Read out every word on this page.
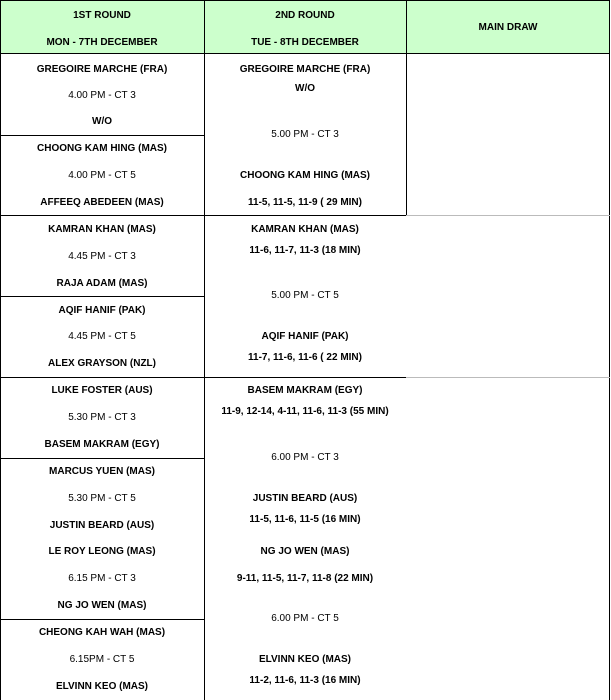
1ST ROUND
MON - 7TH DECEMBER
2ND ROUND
TUE - 8TH DECEMBER
MAIN DRAW
GREGOIRE MARCHE (FRA)
4.00 PM - CT 3
W/O
CHOONG KAM HING (MAS)
4.00 PM - CT 5
AFFEEQ ABEDEEN (MAS)
KAMRAN KHAN (MAS)
4.45 PM - CT 3
RAJA ADAM (MAS)
AQIF HANIF (PAK)
4.45 PM - CT 5
ALEX GRAYSON (NZL)
LUKE FOSTER (AUS)
5.30 PM - CT 3
BASEM MAKRAM (EGY)
MARCUS YUEN (MAS)
5.30 PM - CT 5
JUSTIN BEARD (AUS)
LE ROY LEONG (MAS)
6.15 PM - CT 3
NG JO WEN (MAS)
CHEONG KAH WAH (MAS)
6.15PM - CT 5
ELVINN KEO (MAS)
GREGOIRE MARCHE (FRA)
W/O
5.00 PM - CT 3
CHOONG KAM HING (MAS)
11-5, 11-5, 11-9 ( 29 MIN)
KAMRAN KHAN (MAS)
11-6, 11-7, 11-3 (18 MIN)
5.00 PM - CT 5
AQIF HANIF (PAK)
11-7, 11-6, 11-6 ( 22 MIN)
BASEM MAKRAM (EGY)
11-9, 12-14, 4-11, 11-6, 11-3 (55 MIN)
6.00 PM - CT 3
JUSTIN BEARD (AUS)
11-5, 11-6, 11-5 (16 MIN)
NG JO WEN (MAS)
9-11, 11-5, 11-7, 11-8 (22 MIN)
6.00 PM - CT 5
ELVINN KEO (MAS)
11-2, 11-6, 11-3 (16 MIN)
